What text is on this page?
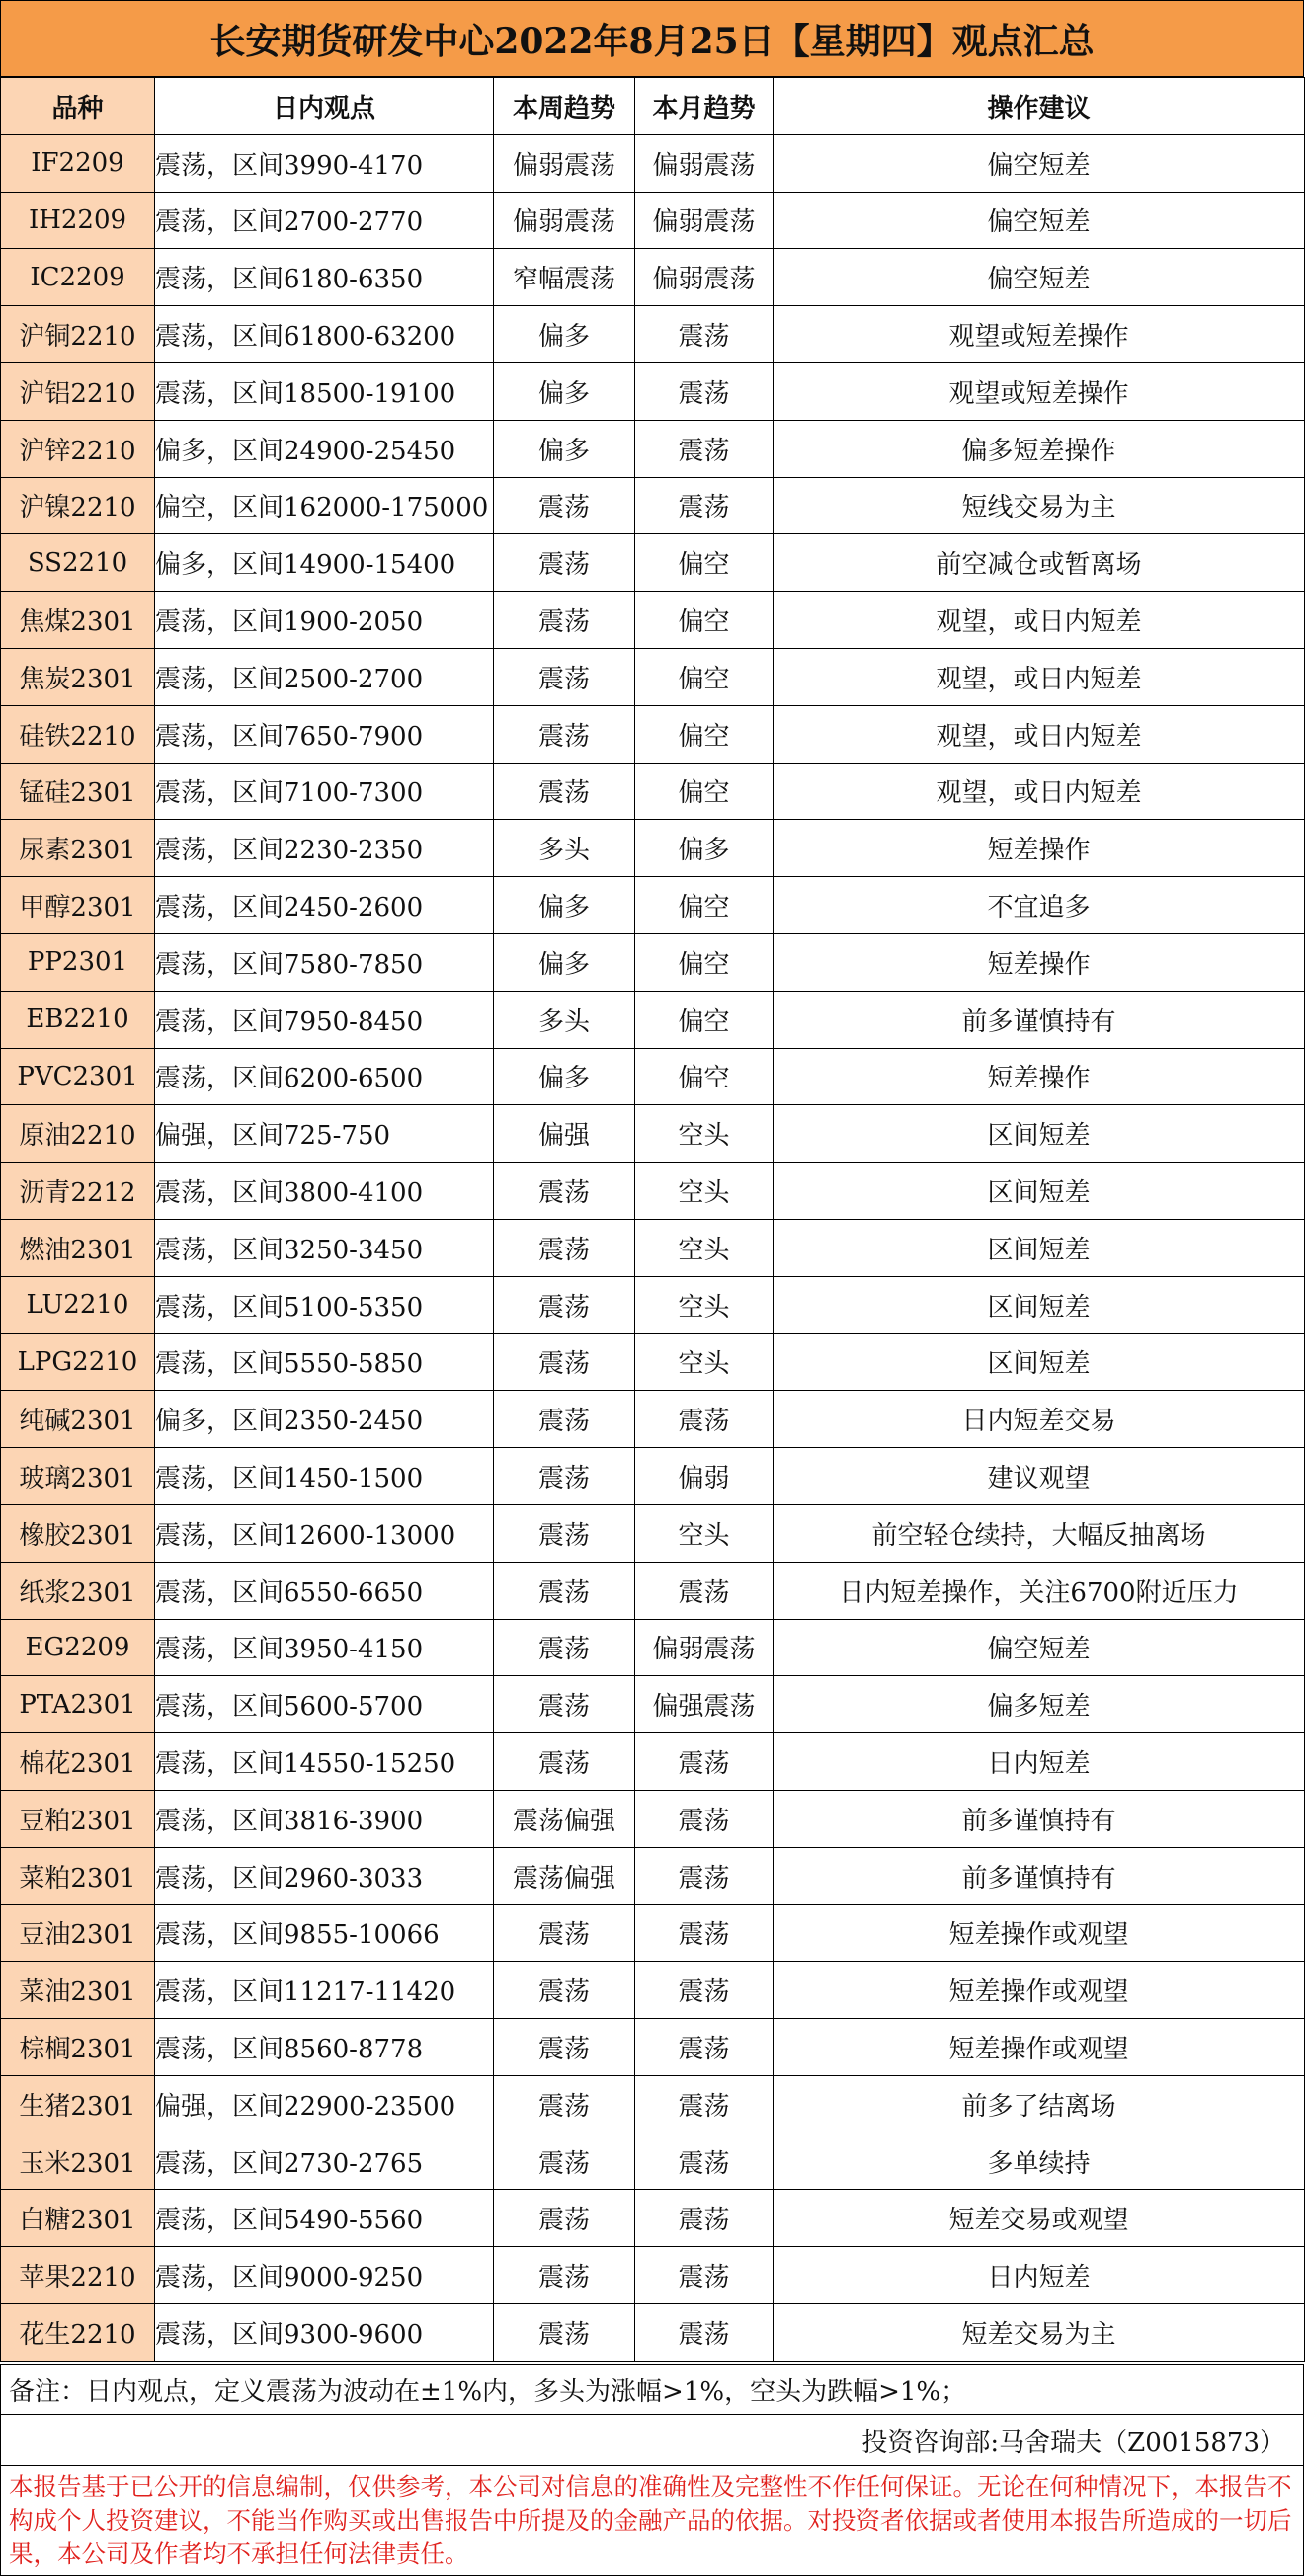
长安期货研发中心2022年8月25日【星期四】观点汇总
品种	日内观点	本周趋势	本月趋势	操作建议
IF2209	震荡，区间3990-4170	偏弱震荡	偏弱震荡	偏空短差
IH2209	震荡，区间2700-2770	偏弱震荡	偏弱震荡	偏空短差
IC2209	震荡，区间6180-6350	窄幅震荡	偏弱震荡	偏空短差
沪铜2210	震荡，区间61800-63200	偏多	震荡	观望或短差操作
沪铝2210	震荡，区间18500-19100	偏多	震荡	观望或短差操作
沪锌2210	偏多，区间24900-25450	偏多	震荡	偏多短差操作
沪镍2210	偏空，区间162000-175000	震荡	震荡	短线交易为主
SS2210	偏多，区间14900-15400	震荡	偏空	前空减仓或暂离场
焦煤2301	震荡，区间1900-2050	震荡	偏空	观望，或日内短差
焦炭2301	震荡，区间2500-2700	震荡	偏空	观望，或日内短差
硅铁2210	震荡，区间7650-7900	震荡	偏空	观望，或日内短差
锰硅2301	震荡，区间7100-7300	震荡	偏空	观望，或日内短差
尿素2301	震荡，区间2230-2350	多头	偏多	短差操作
甲醇2301	震荡，区间2450-2600	偏多	偏空	不宜追多
PP2301	震荡，区间7580-7850	偏多	偏空	短差操作
EB2210	震荡，区间7950-8450	多头	偏空	前多谨慎持有
PVC2301	震荡，区间6200-6500	偏多	偏空	短差操作
原油2210	偏强，区间725-750	偏强	空头	区间短差
沥青2212	震荡，区间3800-4100	震荡	空头	区间短差
燃油2301	震荡，区间3250-3450	震荡	空头	区间短差
LU2210	震荡，区间5100-5350	震荡	空头	区间短差
LPG2210	震荡，区间5550-5850	震荡	空头	区间短差
纯碱2301	偏多，区间2350-2450	震荡	震荡	日内短差交易
玻璃2301	震荡，区间1450-1500	震荡	偏弱	建议观望
橡胶2301	震荡，区间12600-13000	震荡	空头	前空轻仓续持，大幅反抽离场
纸浆2301	震荡，区间6550-6650	震荡	震荡	日内短差操作，关注6700附近压力
EG2209	震荡，区间3950-4150	震荡	偏弱震荡	偏空短差
PTA2301	震荡，区间5600-5700	震荡	偏强震荡	偏多短差
棉花2301	震荡，区间14550-15250	震荡	震荡	日内短差
豆粕2301	震荡，区间3816-3900	震荡偏强	震荡	前多谨慎持有
菜粕2301	震荡，区间2960-3033	震荡偏强	震荡	前多谨慎持有
豆油2301	震荡，区间9855-10066	震荡	震荡	短差操作或观望
菜油2301	震荡，区间11217-11420	震荡	震荡	短差操作或观望
棕榈2301	震荡，区间8560-8778	震荡	震荡	短差操作或观望
生猪2301	偏强，区间22900-23500	震荡	震荡	前多了结离场
玉米2301	震荡，区间2730-2765	震荡	震荡	多单续持
白糖2301	震荡，区间5490-5560	震荡	震荡	短差交易或观望
苹果2210	震荡，区间9000-9250	震荡	震荡	日内短差
花生2210	震荡，区间9300-9600	震荡	震荡	短差交易为主
备注：日内观点，定义震荡为波动在±1%内，多头为涨幅>1%，空头为跌幅>1%；
投资咨询部:马舍瑞夫（Z0015873）
本报告基于已公开的信息编制，仅供参考，本公司对信息的准确性及完整性不作任何保证。无论在何种情况下，本报告不构成个人投资建议，不能当作购买或出售报告中所提及的金融产品的依据。对投资者依据或者使用本报告所造成的一切后果，本公司及作者均不承担任何法律责任。
